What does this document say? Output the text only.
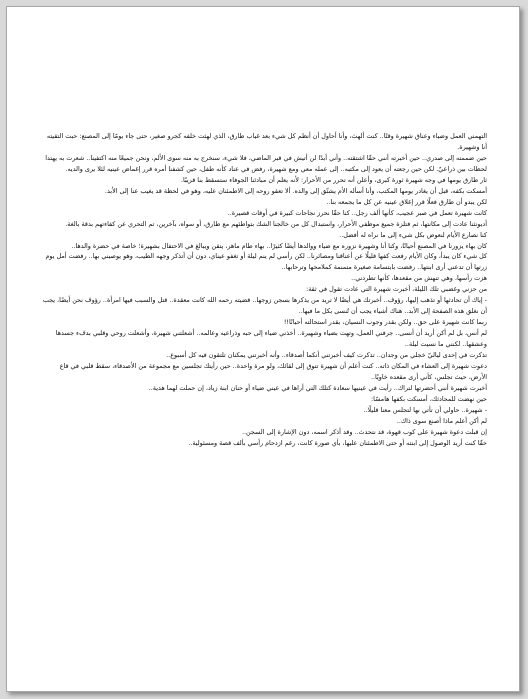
التهمني العمل وضياء وعناق شهيرة وقتًا.. كنت ألهث، وأنا أحاول أن أنظم كل شيء بعد غياب طارق، الذي لهثت خلفه كجرو صغير، حتى جاء يومًا إلى المصنع: حبت التقيته أنا وشهيرة.

حين ضممته إلى صدري.. حين أخبرته أنني حقًا اشتقته.. وأني أبدًا لن أتيش في قبر الماضي، فلا شيء، سنخرج به منه سوى الألم، ونحن جميعًا منه اكتفينا.. شعرت به يهتدا لحظات بين ذراعيّ. لكن حين رجعته أن يعود إلى مكتبه.. إلى عمله معي ومع شهيرة، رفض في عناد كأنه طفل، حين كشفنا أمره قرر إغماض عينيه لئلا يرى والديه.

ثار طارق يومها في وجه شهيرة ثورة كبرى، وأعلن أنه تحرر من الأحرار: لأنه يعلم أن مبادئنا الجوفاء ستسقط بنا قريبًا.

أمسكت بكفه، قبل أن يغادر يومها المكتب، وأنا أسأله الأم يشتّق إلى والده. ألا تعقو روحه إلى الاطمئنان عليه، وهو في لحظة قد يغيب عنا إلى الأبد.

لكن يبدو أن طارق فعلًا قرر إغلاق عينيه عن كل ما يجمعه بنا..

كانت شهيرة تعمل في صبر عجيب، كأنها ألف رجل.. كنا حقًا نحرز نجاحات كبيرة في أوقات قصيرة..

أديونثنا عادت إلى مكانتها، ثم فتلزة جميع موظفي الأحرار، واستبدال كل من خالجنا الشك بتواطئهم مع طارق، أو سواه، بآخرين، تم التحري عن كفاءتهم بدقة بالغة.

كنا نصارع الأيام لنعوض بكل شيء إلى ما نراه له أفضل..

كان بهاء يزورنا في المصنع أحيانًا، وكنا أنا وشهيرة نزوره مع ضياء ووالدها أيضًا كثيرًا.. بهاء طام ماهر، يتقن ويبالغ في الاحتفال بشهيرة؛ خاصة في حضرة والدها..

كل شيء كان يبدأ، وكان الأيام رفعت كفها قليلًا عن أعناقنا ومصائرنا.. لكن رأسي لم ينم ليلة أو تغفو عيناي، دون أن أتذكر وجهه الطيب، وهو يوصيني بها.. رفضت أمل يوم زرتها أن تدعني أرى ابنتها.. رفضت بابتسامة صغيرة متمنمة كملامحها وترحابها..

هزت رأسها، وهي تنهش من مقعدها، كأنها تطردني..

من حزني وغضبي تلك الليلة، أخبرت شهيرة التي عادت تقول في ثقة:

- إياك أن تحادثها أو تذهب إليها، رؤوف.. أخبرتك هي أيضًا لا تريد من يذكرها بسجن زوجها.. قضيته رحمه الله كانت معقدة.. قتل والسبب فيها امرأة.. رؤوف نحن أيضًا، يجب أن نغلق هذه الصفحة إلى الأبد.. هناك أشياء يجب أن تُنسى بكل ما فيها..

ربما كانت شهيرة على حق.. ولكن بقدر وجوب النسيان، بقدر استحالته أحيانًا!!

لم أنس، بل لم أكن أريد أن أنسى.. جرفني العمل، وتهت بضياء وشهيرة.. أخذني ضياء إلى حبه وذراعيه وعالمه.. أشعلتني شهيرة، وأشعلت روحي وقلبي بدفء جسدها وعشقها.. لكنني ما نسيت ليلة..

تذكرت في إحدى لياليّ خجلي من وجدان.. تذكرت كيف أخبرتني أنكما أصدقاء.. وأنه أخبرتني يمكنان تلتقون فيه كل أسبوع..

دعوت شهيرة إلى العشاء في المكان ذاته.. كنت أعلم أن شهيرة تتوق إلى لقائك، ولو مرة واحدة.. حين رأيتك تجلسين مع مجموعة من الأصدقاء، سقط قلبي في قاع الأرض، حيث تجلس، كأني أرى مقعده خاويًا..

أخبرت شهيرة أنني أحضرتها لتراك.. رأيت في عينيها سعادة كتلك التي أراها في عيني ضياء أو حنان ابنة زياد، إن حملت لهما هدية..

حين نهضت للمحادثك، أمسكت بكفها هامسًا:

- شهيرة.. حاولي أن تأتي بها لتجلس معنا قليلًا..

لم أكن أعلم ماذا أصنع سوى ذاك..

إن قبلت دعوة شهيرة على كوب قهوة، قد نتحدث.. وقد أذكر اسمه، دون الإشارة إلى السجن..

حقًا كنت أريد الوصول إلى ابنته أو حتى الاطمئنان عليها، بأي صورة كانت، رغم ازدحام رأسي بألف قصة ومسئولية..
